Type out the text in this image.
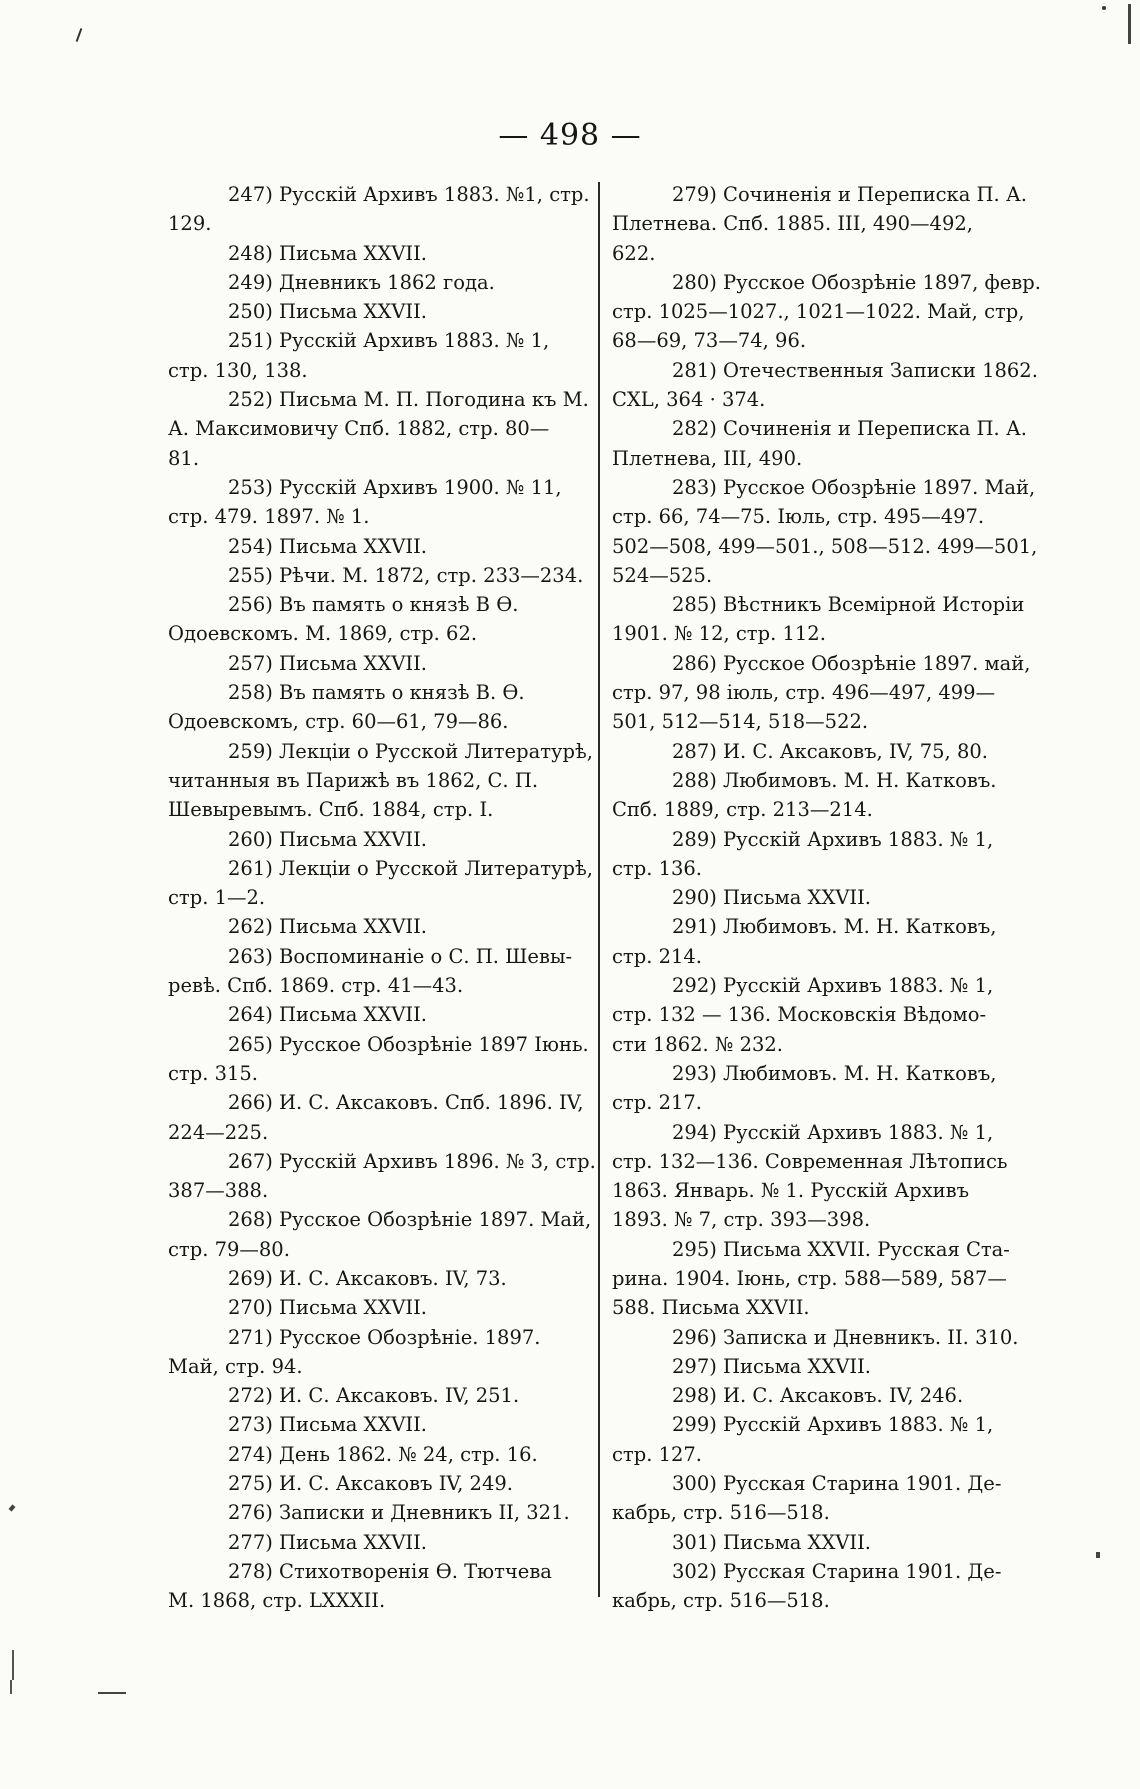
— 498 —
247) Русскій Архивъ 1883. №1, стр.
129.
248) Письма XXVII.
249) Дневникъ 1862 года.
250) Письма XXVII.
251) Русскій Архивъ 1883. № 1,
стр. 130, 138.
252) Письма М. П. Погодина къ М.
А. Максимовичу Спб. 1882, стр. 80—
81.
253) Русскій Архивъ 1900. № 11,
стр. 479. 1897. № 1.
254) Письма XXVII.
255) Рѣчи. М. 1872, стр. 233—234.
256) Въ память о князѣ В Ѳ.
Одоевскомъ. М. 1869, стр. 62.
257) Письма XXVII.
258) Въ память о князѣ В. Ѳ.
Одоевскомъ, стр. 60—61, 79—86.
259) Лекціи о Русской Литературѣ,
читанныя въ Парижѣ въ 1862, С. П.
Шевыревымъ. Спб. 1884, стр. I.
260) Письма XXVII.
261) Лекціи о Русской Литературѣ,
стр. 1—2.
262) Письма XXVII.
263) Воспоминаніе о С. П. Шевы-
ревѣ. Спб. 1869. стр. 41—43.
264) Письма XXVII.
265) Русское Обозрѣніе 1897 Іюнь.
стр. 315.
266) И. С. Аксаковъ. Спб. 1896. IV,
224—225.
267) Русскій Архивъ 1896. № 3, стр.
387—388.
268) Русское Обозрѣніе 1897. Май,
стр. 79—80.
269) И. С. Аксаковъ. IV, 73.
270) Письма XXVII.
271) Русское Обозрѣніе. 1897.
Май, стр. 94.
272) И. С. Аксаковъ. IV, 251.
273) Письма XXVII.
274) День 1862. № 24, стр. 16.
275) И. С. Аксаковъ IV, 249.
276) Записки и Дневникъ II, 321.
277) Письма XXVII.
278) Стихотворенія Ѳ. Тютчева
М. 1868, стр. LXXXII.
279) Сочиненія и Переписка П. А.
Плетнева. Спб. 1885. III, 490—492,
622.
280) Русское Обозрѣніе 1897, февр.
стр. 1025—1027., 1021—1022. Май, стр,
68—69, 73—74, 96.
281) Отечественныя Записки 1862.
CXL, 364 · 374.
282) Сочиненія и Переписка П. А.
Плетнева, III, 490.
283) Русское Обозрѣніе 1897. Май,
стр. 66, 74—75. Іюль, стр. 495—497.
502—508, 499—501., 508—512. 499—501,
524—525.
285) Вѣстникъ Всемірной Исторіи
1901. № 12, стр. 112.
286) Русское Обозрѣніе 1897. май,
стр. 97, 98 іюль, стр. 496—497, 499—
501, 512—514, 518—522.
287) И. С. Аксаковъ, IV, 75, 80.
288) Любимовъ. М. Н. Катковъ.
Спб. 1889, стр. 213—214.
289) Русскій Архивъ 1883. № 1,
стр. 136.
290) Письма XXVII.
291) Любимовъ. М. Н. Катковъ,
стр. 214.
292) Русскій Архивъ 1883. № 1,
стр. 132 — 136. Московскія Вѣдомо-
сти 1862. № 232.
293) Любимовъ. М. Н. Катковъ,
стр. 217.
294) Русскій Архивъ 1883. № 1,
стр. 132—136. Современная Лѣтопись
1863. Январь. № 1. Русскій Архивъ
1893. № 7, стр. 393—398.
295) Письма XXVII. Русская Ста-
рина. 1904. Іюнь, стр. 588—589, 587—
588. Письма XXVII.
296) Записка и Дневникъ. II. 310.
297) Письма XXVII.
298) И. С. Аксаковъ. IV, 246.
299) Русскій Архивъ 1883. № 1,
стр. 127.
300) Русская Старина 1901. Де-
кабрь, стр. 516—518.
301) Письма XXVII.
302) Русская Старина 1901. Де-
кабрь, стр. 516—518.
